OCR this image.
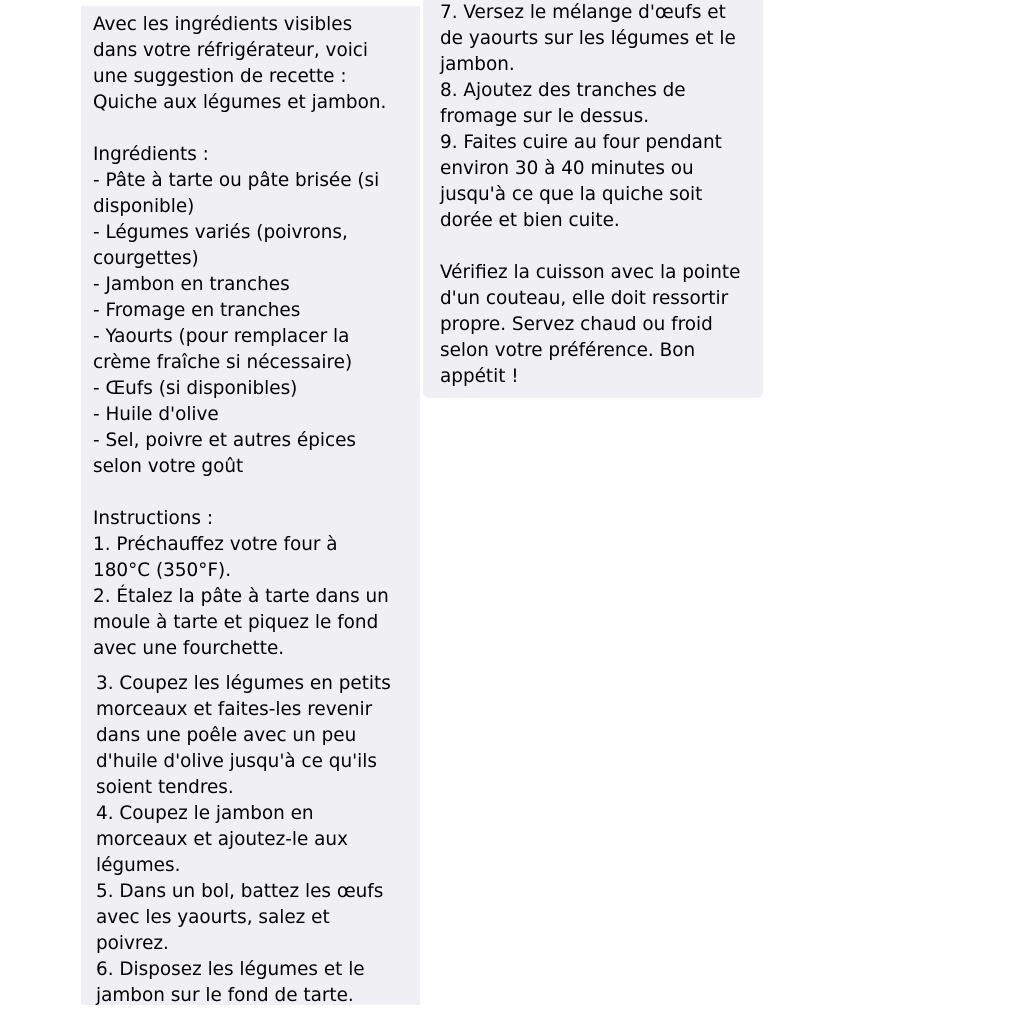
Avec les ingrédients visibles
dans votre réfrigérateur, voici
une suggestion de recette :
Quiche aux légumes et jambon.
Ingrédients :
- Pâte à tarte ou pâte brisée (si
disponible)
- Légumes variés (poivrons,
courgettes)
- Jambon en tranches
- Fromage en tranches
- Yaourts (pour remplacer la
crème fraîche si nécessaire)
- Œufs (si disponibles)
- Huile d'olive
- Sel, poivre et autres épices
selon votre goût
Instructions :
1. Préchauffez votre four à
180°C (350°F).
2. Étalez la pâte à tarte dans un
moule à tarte et piquez le fond
avec une fourchette.
3. Coupez les légumes en petits
morceaux et faites-les revenir
dans une poêle avec un peu
d'huile d'olive jusqu'à ce qu'ils
soient tendres.
4. Coupez le jambon en
morceaux et ajoutez-le aux
légumes.
5. Dans un bol, battez les œufs
avec les yaourts, salez et
poivrez.
6. Disposez les légumes et le
jambon sur le fond de tarte.
7. Versez le mélange d'œufs et
de yaourts sur les légumes et le
jambon.
8. Ajoutez des tranches de
fromage sur le dessus.
9. Faites cuire au four pendant
environ 30 à 40 minutes ou
jusqu'à ce que la quiche soit
dorée et bien cuite.
Vérifiez la cuisson avec la pointe
d'un couteau, elle doit ressortir
propre. Servez chaud ou froid
selon votre préférence. Bon
appétit !
